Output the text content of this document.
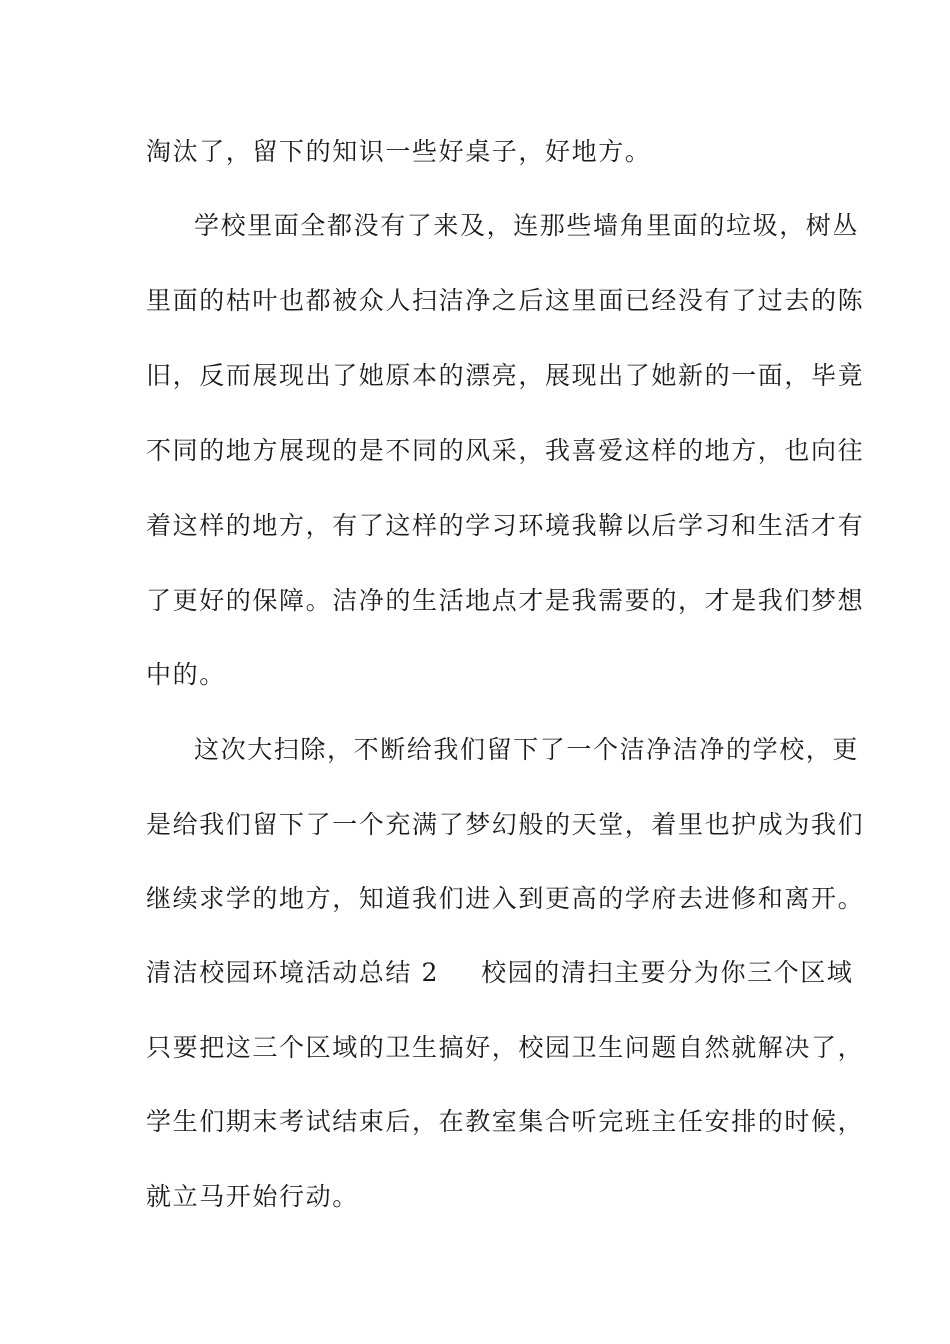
淘汰了，留下的知识一些好桌子，好地方。
学校里面全都没有了来及，连那些墙角里面的垃圾，树丛
里面的枯叶也都被众人扫洁净之后这里面已经没有了过去的陈
旧，反而展现出了她原本的漂亮，展现出了她新的一面，毕竟
不同的地方展现的是不同的风采，我喜爱这样的地方，也向往
着这样的地方，有了这样的学习环境我鞥以后学习和生活才有
了更好的保障。洁净的生活地点才是我需要的，才是我们梦想
中的。
这次大扫除，不断给我们留下了一个洁净洁净的学校，更
是给我们留下了一个充满了梦幻般的天堂，着里也护成为我们
继续求学的地方，知道我们进入到更高的学府去进修和离开。
清洁校园环境活动总结 2 校园的清扫主要分为你三个区域
只要把这三个区域的卫生搞好，校园卫生问题自然就解决了，
学生们期末考试结束后，在教室集合听完班主任安排的时候，
就立马开始行动。
